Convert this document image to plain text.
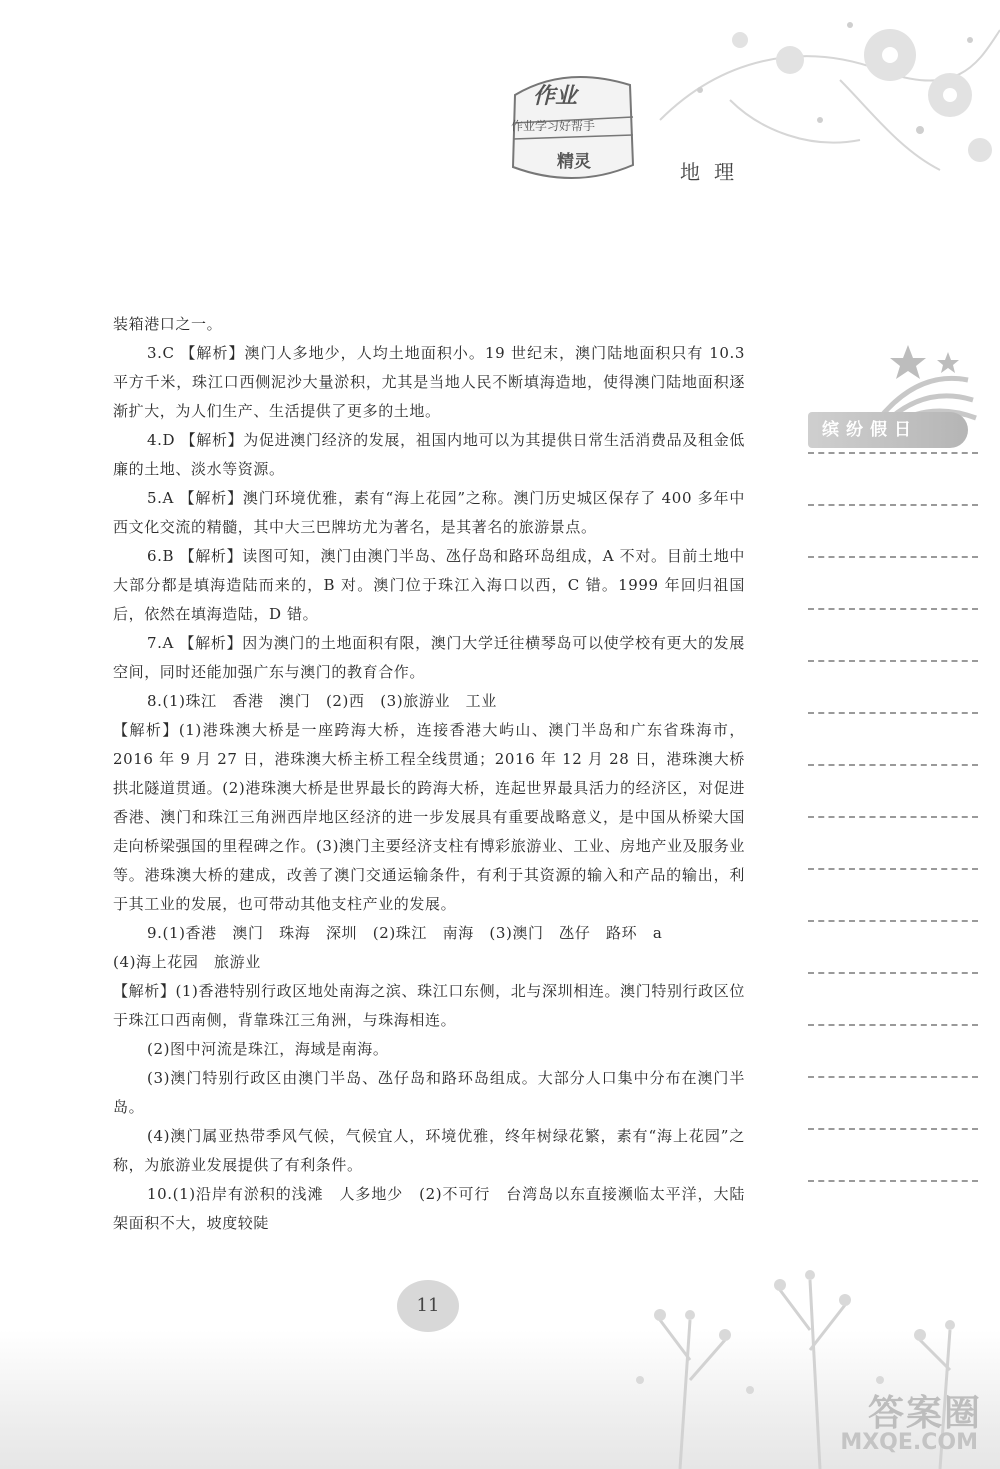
作业
作业学习好帮手
精灵	地理

装箱港口之一。

3.C 【解析】澳门人多地少，人均土地面积小。19 世纪末，澳门陆地面积只有 10.3 平方千米，珠江口西侧泥沙大量淤积，尤其是当地人民不断填海造地，使得澳门陆地面积逐渐扩大，为人们生产、生活提供了更多的土地。

4.D 【解析】为促进澳门经济的发展，祖国内地可以为其提供日常生活消费品及租金低廉的土地、淡水等资源。

5.A 【解析】澳门环境优雅，素有“海上花园”之称。澳门历史城区保存了 400 多年中西文化交流的精髓，其中大三巴牌坊尤为著名，是其著名的旅游景点。

6.B 【解析】读图可知，澳门由澳门半岛、氹仔岛和路环岛组成，A 不对。目前土地中大部分都是填海造陆而来的，B 对。澳门位于珠江入海口以西，C 错。1999 年回归祖国后，依然在填海造陆，D 错。

7.A 【解析】因为澳门的土地面积有限，澳门大学迁往横琴岛可以使学校有更大的发展空间，同时还能加强广东与澳门的教育合作。

8.(1)珠江　香港　澳门　(2)西　(3)旅游业　工业

【解析】(1)港珠澳大桥是一座跨海大桥，连接香港大屿山、澳门半岛和广东省珠海市，2016 年 9 月 27 日，港珠澳大桥主桥工程全线贯通；2016 年 12 月 28 日，港珠澳大桥拱北隧道贯通。(2)港珠澳大桥是世界最长的跨海大桥，连起世界最具活力的经济区，对促进香港、澳门和珠江三角洲西岸地区经济的进一步发展具有重要战略意义，是中国从桥梁大国走向桥梁强国的里程碑之作。(3)澳门主要经济支柱有博彩旅游业、工业、房地产业及服务业等。港珠澳大桥的建成，改善了澳门交通运输条件，有利于其资源的输入和产品的输出，利于其工业的发展，也可带动其他支柱产业的发展。

9.(1)香港　澳门　珠海　深圳　(2)珠江　南海　(3)澳门　氹仔　路环　a

(4)海上花园　旅游业

【解析】(1)香港特别行政区地处南海之滨、珠江口东侧，北与深圳相连。澳门特别行政区位于珠江口西南侧，背靠珠江三角洲，与珠海相连。

(2)图中河流是珠江，海域是南海。

(3)澳门特别行政区由澳门半岛、氹仔岛和路环岛组成。大部分人口集中分布在澳门半岛。

(4)澳门属亚热带季风气候，气候宜人，环境优雅，终年树绿花繁，素有“海上花园”之称，为旅游业发展提供了有利条件。

10.(1)沿岸有淤积的浅滩　人多地少　(2)不可行　台湾岛以东直接濒临太平洋，大陆架面积不大，坡度较陡

缤纷假日
11
答案圈
MXQE.COM
